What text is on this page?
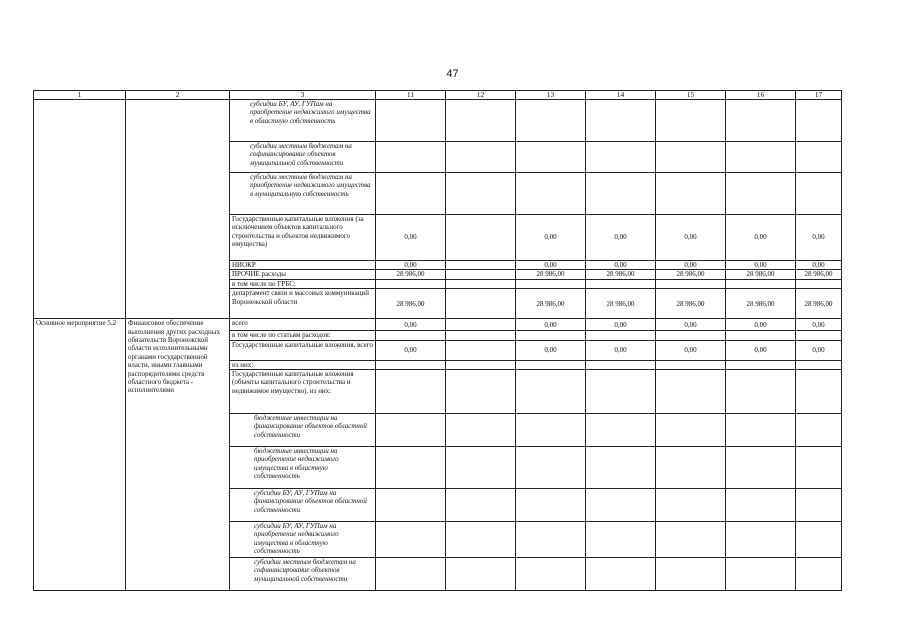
47
1	2	3	11	12	13	14	15	16	17
		субсидии БУ, АУ, ГУПам на приобретение недвижимого имущества в областную собственность							
		субсидии местным бюджетам на софинансирование объектов муниципальной собственности							
		субсидии местным бюджетам на приобретение недвижимого имущества в муниципальную собственность							
		Государственные капитальные вложения (за исключением объектов капитального строительства и объектов недвижимого имущества)	0,00		0,00	0,00	0,00	0,00	0,00
		НИОКР	0,00		0,00	0,00	0,00	0,00	0,00
		ПРОЧИЕ расходы	28 986,00		28 986,00	28 986,00	28 986,00	28 986,00	28 986,00
		в том числе по ГРБС:							
		департамент связи и массовых коммуникаций Воронежской области	28 986,00		28 986,00	28 986,00	28 986,00	28 986,00	28 986,00
Основное мероприятие 5.2	Финансовое обеспечение выполнения других расходных обязательств Воронежской области исполнительными органами государственной власти, иными главными распорядителями средств областного бюджета - исполнителями	всего	0,00		0,00	0,00	0,00	0,00	0,00
		в том числе по статьям расходов:							
		Государственные капитальные вложения, всего	0,00		0,00	0,00	0,00	0,00	0,00
		из них:							
		Государственные капитальные вложения (объекты капитального строительства и недвижимое имущество), из них:							
		бюджетные инвестиции на финансирование объектов областной собственности							
		бюджетные инвестиции на приобретение недвижимого имущества в областную собственность							
		субсидии БУ, АУ, ГУПам на финансирование объектов областной собственности							
		субсидии БУ, АУ, ГУПам на приобретение недвижимого имущества в областную собственность							
		субсидии местным бюджетам на софинансирование объектов муниципальной собственности							
